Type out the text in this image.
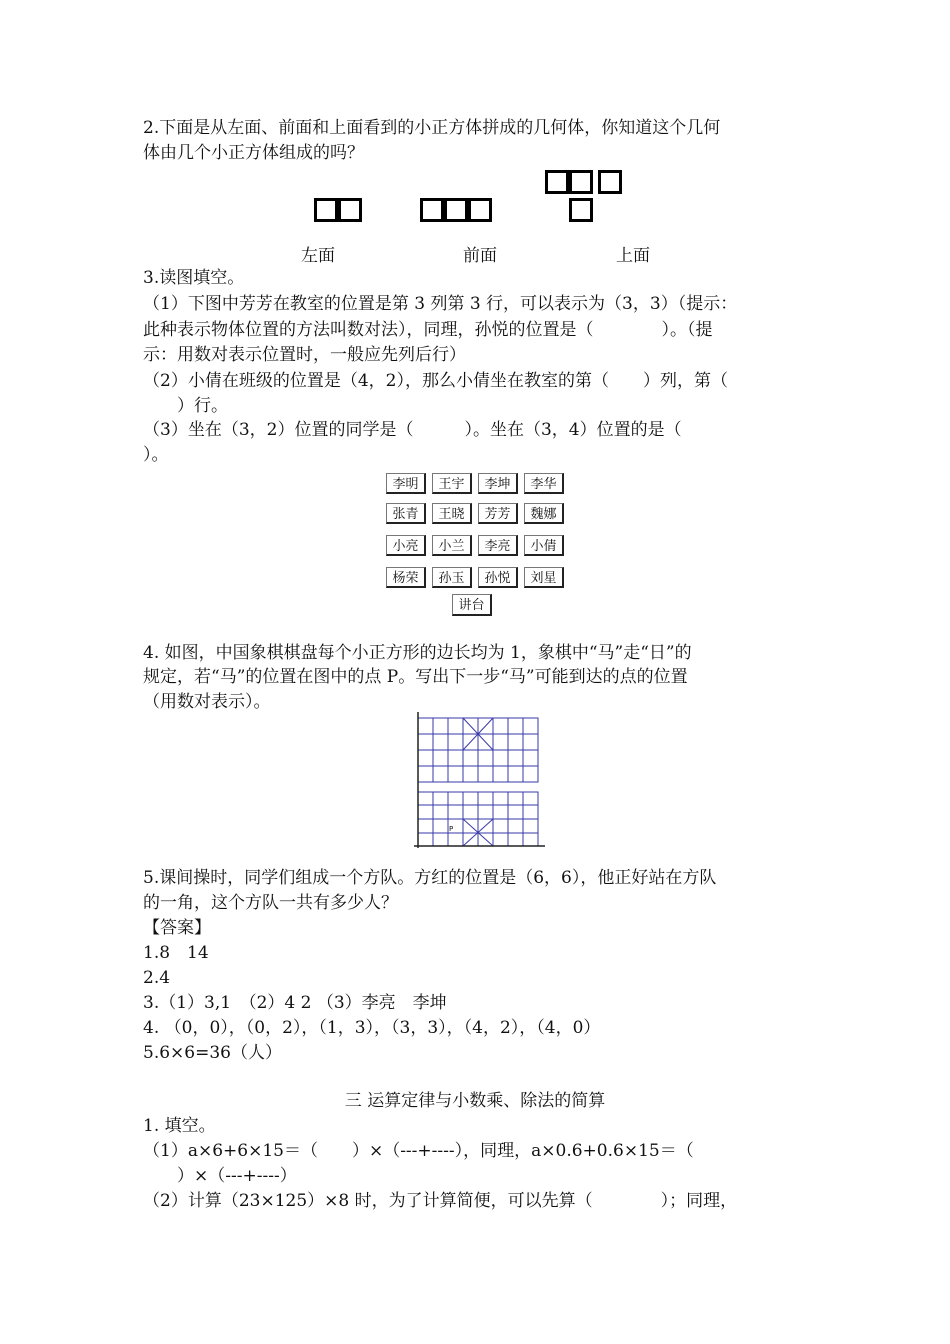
2.下面是从左面、前面和上面看到的小正方体拼成的几何体，你知道这个几何
体由几个小正方体组成的吗？
左面	前面	上面
3.读图填空。
（1）下图中芳芳在教室的位置是第 3 列第 3 行，可以表示为（3，3）（提示：
此种表示物体位置的方法叫数对法），同理，孙悦的位置是（　　　　）。（提
示：用数对表示位置时，一般应先列后行）
（2）小倩在班级的位置是（4，2），那么小倩坐在教室的第（　　）列，第（
　　）行。
（3）坐在（3，2）位置的同学是（　　　）。坐在（3，4）位置的是（
）。
李明	王宇	李坤	李华
张青	王晓	芳芳	魏娜
小亮	小兰	李亮	小倩
杨荣	孙玉	孙悦	刘星
讲台
4. 如图，中国象棋棋盘每个小正方形的边长均为 1，象棋中“马”走“日”的
规定，若“马”的位置在图中的点 P。写出下一步“马”可能到达的点的位置
（用数对表示）。
P
5.课间操时，同学们组成一个方队。方红的位置是（6，6），他正好站在方队
的一角，这个方队一共有多少人？
【答案】
1.8　14
2.4
3.（1）3,1　（2）4 2 （3）李亮　李坤
4. （0，0），（0，2），（1，3），（3，3），（4，2），（4，0）
5.6×6=36（人）
三 运算定律与小数乘、除法的简算
1. 填空。
（1）a×6+6×15＝（　　）×（---+----），同理，a×0.6+0.6×15＝（
　　）×（---+----）
（2）计算（23×125）×8 时，为了计算简便，可以先算（　　　　）；同理，
